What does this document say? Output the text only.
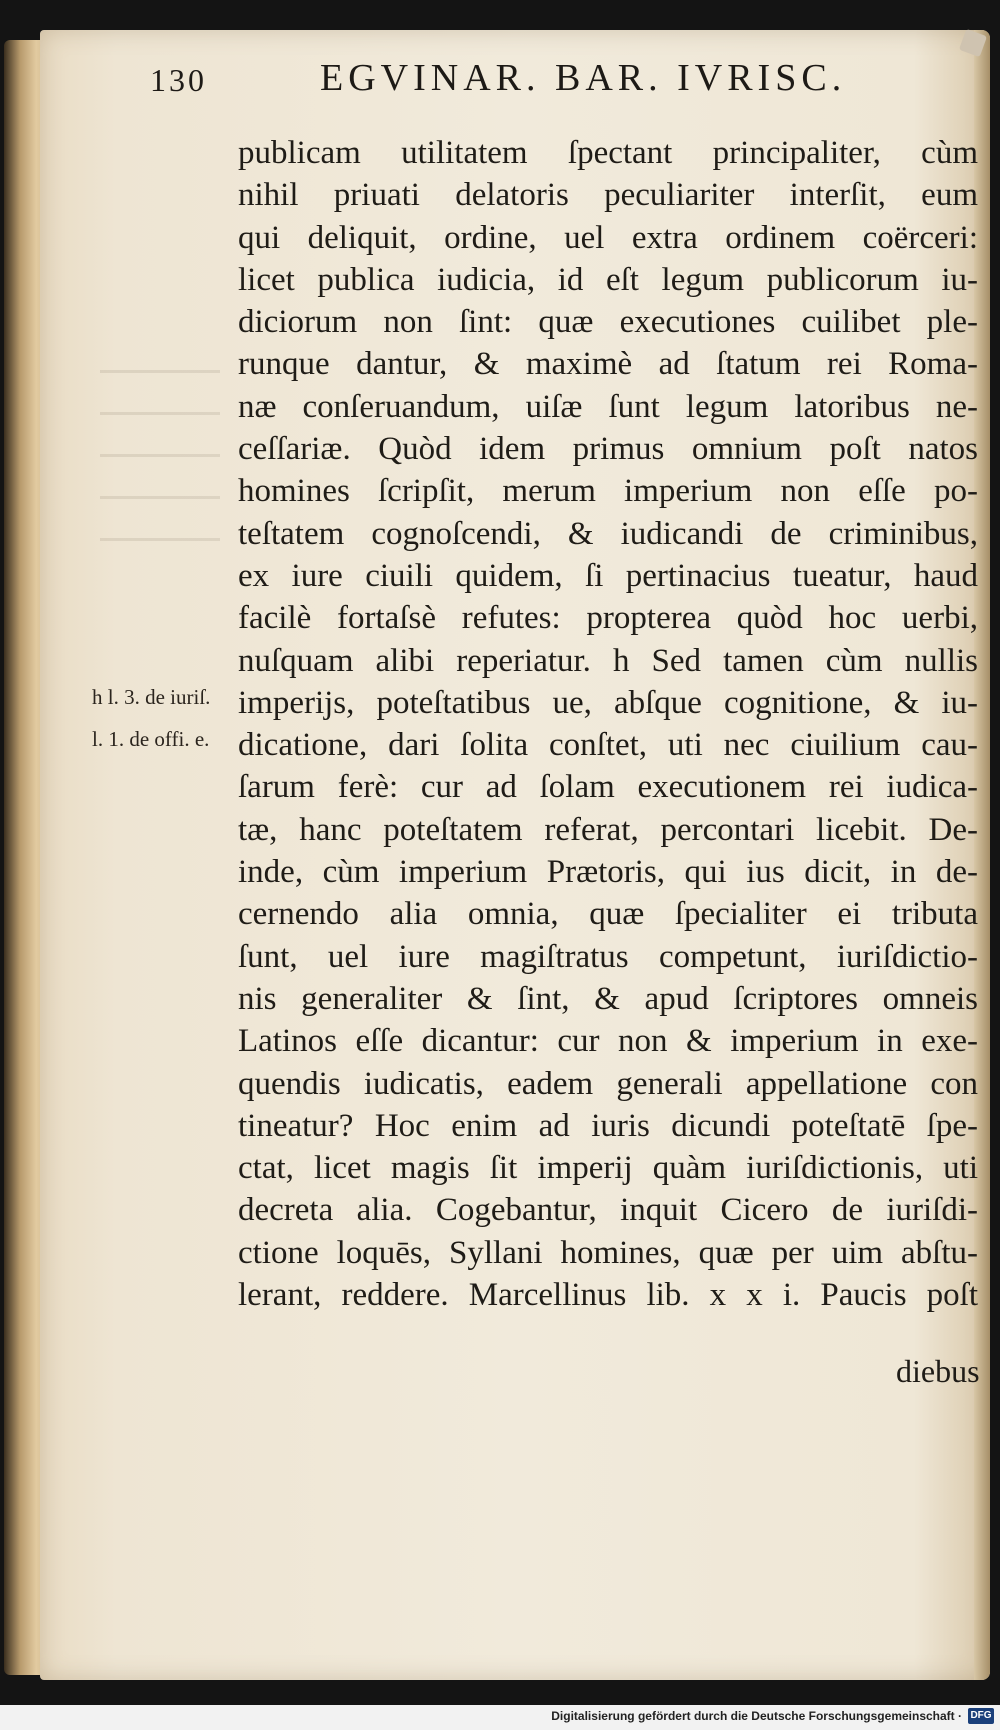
130	EGVINAR. BAR. IVRISC.
h l. 3. de iuriſ.
l. 1. de offi. e.
publicam utilitatem ſpectant principaliter, cùm
nihil priuati delatoris peculiariter interſit, eum
qui deliquit, ordine, uel extra ordinem coërceri:
licet publica iudicia, id eſt legum publicorum iu-
diciorum non ſint: quæ executiones cuilibet ple-
runque dantur, & maximè ad ſtatum rei Roma-
næ conſeruandum, uiſæ ſunt legum latoribus ne-
ceſſariæ. Quòd idem primus omnium poſt natos
homines ſcripſit, merum imperium non eſſe po-
teſtatem cognoſcendi, & iudicandi de criminibus,
ex iure ciuili quidem, ſi pertinacius tueatur, haud
facilè fortaſsè refutes: propterea quòd hoc uerbi,
nuſquam alibi reperiatur. h Sed tamen cùm nullis
imperijs, poteſtatibus ue, abſque cognitione, & iu-
dicatione, dari ſolita conſtet, uti nec ciuilium cau-
ſarum ferè: cur ad ſolam executionem rei iudica-
tæ, hanc poteſtatem referat, percontari licebit. De-
inde, cùm imperium Prætoris, qui ius dicit, in de-
cernendo alia omnia, quæ ſpecialiter ei tributa
ſunt, uel iure magiſtratus competunt, iuriſdictio-
nis generaliter & ſint, & apud ſcriptores omneis
Latinos eſſe dicantur: cur non & imperium in exe-
quendis iudicatis, eadem generali appellatione con
tineatur? Hoc enim ad iuris dicundi poteſtatē ſpe-
ctat, licet magis ſit imperij quàm iuriſdictionis, uti
decreta alia. Cogebantur, inquit Cicero de iuriſdi-
ctione loquēs, Syllani homines, quæ per uim abſtu-
lerant, reddere. Marcellinus lib. x x i. Paucis poſt
diebus
Digitalisierung gefördert durch die Deutsche Forschungsgemeinschaft · DFG
